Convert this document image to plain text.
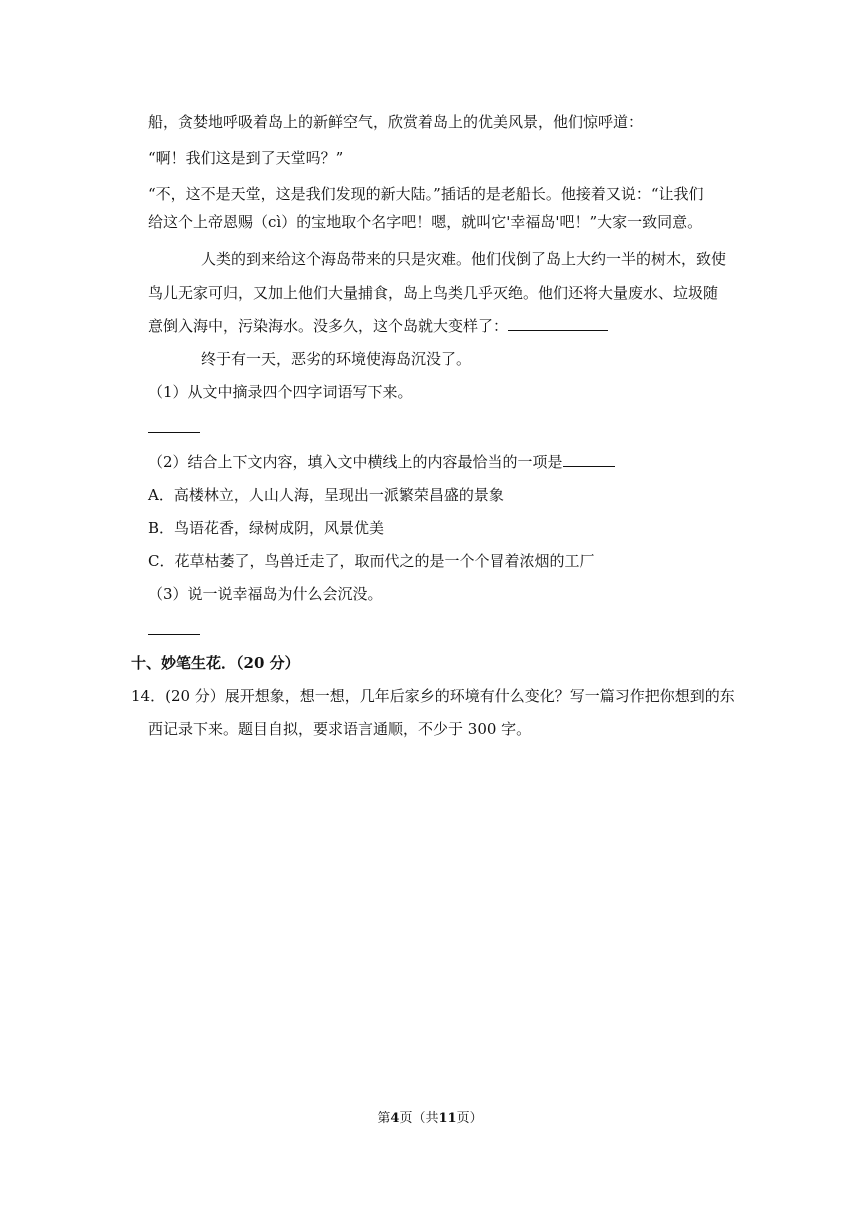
船，贪婪地呼吸着岛上的新鲜空气，欣赏着岛上的优美风景，他们惊呼道：
“啊！我们这是到了天堂吗？”
“不，这不是天堂，这是我们发现的新大陆。”插话的是老船长。他接着又说：“让我们
给这个上帝恩赐（cì）的宝地取个名字吧！嗯，就叫它'幸福岛'吧！”大家一致同意。
人类的到来给这个海岛带来的只是灾难。他们伐倒了岛上大约一半的树木，致使
鸟儿无家可归，又加上他们大量捕食，岛上鸟类几乎灭绝。他们还将大量废水、垃圾随
意倒入海中，污染海水。没多久，这个岛就大变样了：
终于有一天，恶劣的环境使海岛沉没了。
（1）从文中摘录四个四字词语写下来。
（2）结合上下文内容，填入文中横线上的内容最恰当的一项是
A．高楼林立，人山人海，呈现出一派繁荣昌盛的景象
B．鸟语花香，绿树成阴，风景优美
C．花草枯萎了，鸟兽迁走了，取而代之的是一个个冒着浓烟的工厂
（3）说一说幸福岛为什么会沉没。
十、妙笔生花．（20 分）
14．(20 分）展开想象，想一想，几年后家乡的环境有什么变化？写一篇习作把你想到的东
西记录下来。题目自拟，要求语言通顺，不少于 300 字。
第4页（共11页）
